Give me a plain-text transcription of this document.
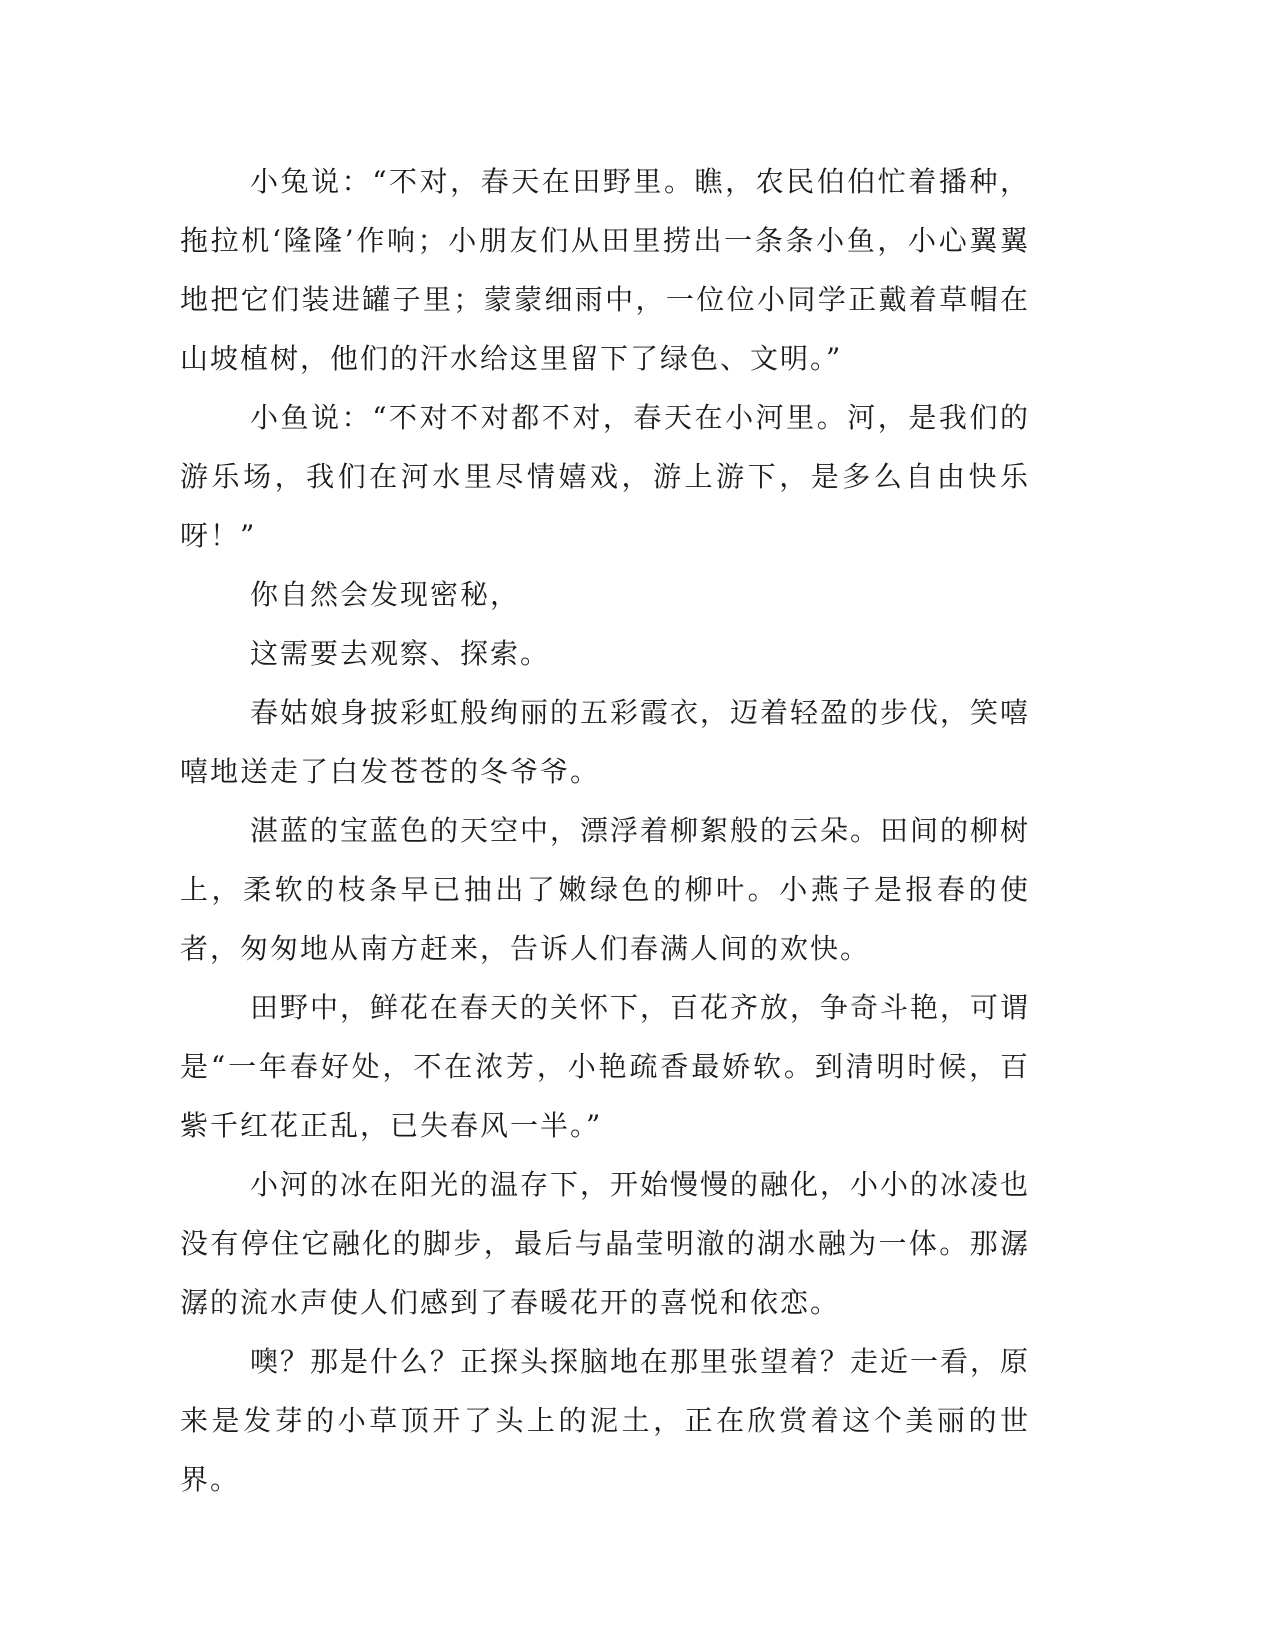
小兔说：“不对，春天在田野里。瞧，农民伯伯忙着播种，拖拉机‘隆隆’作响；小朋友们从田里捞出一条条小鱼，小心翼翼地把它们装进罐子里；蒙蒙细雨中，一位位小同学正戴着草帽在山坡植树，他们的汗水给这里留下了绿色、文明。”

小鱼说：“不对不对都不对，春天在小河里。河，是我们的游乐场，我们在河水里尽情嬉戏，游上游下，是多么自由快乐呀！”

你自然会发现密秘，

这需要去观察、探索。

春姑娘身披彩虹般绚丽的五彩霞衣，迈着轻盈的步伐，笑嘻嘻地送走了白发苍苍的冬爷爷。

湛蓝的宝蓝色的天空中，漂浮着柳絮般的云朵。田间的柳树上，柔软的枝条早已抽出了嫩绿色的柳叶。小燕子是报春的使者，匆匆地从南方赶来，告诉人们春满人间的欢快。

田野中，鲜花在春天的关怀下，百花齐放，争奇斗艳，可谓是“一年春好处，不在浓芳，小艳疏香最娇软。到清明时候，百紫千红花正乱，已失春风一半。”

小河的冰在阳光的温存下，开始慢慢的融化，小小的冰凌也没有停住它融化的脚步，最后与晶莹明澈的湖水融为一体。那潺潺的流水声使人们感到了春暖花开的喜悦和依恋。

噢？那是什么？正探头探脑地在那里张望着？走近一看，原来是发芽的小草顶开了头上的泥土，正在欣赏着这个美丽的世界。
